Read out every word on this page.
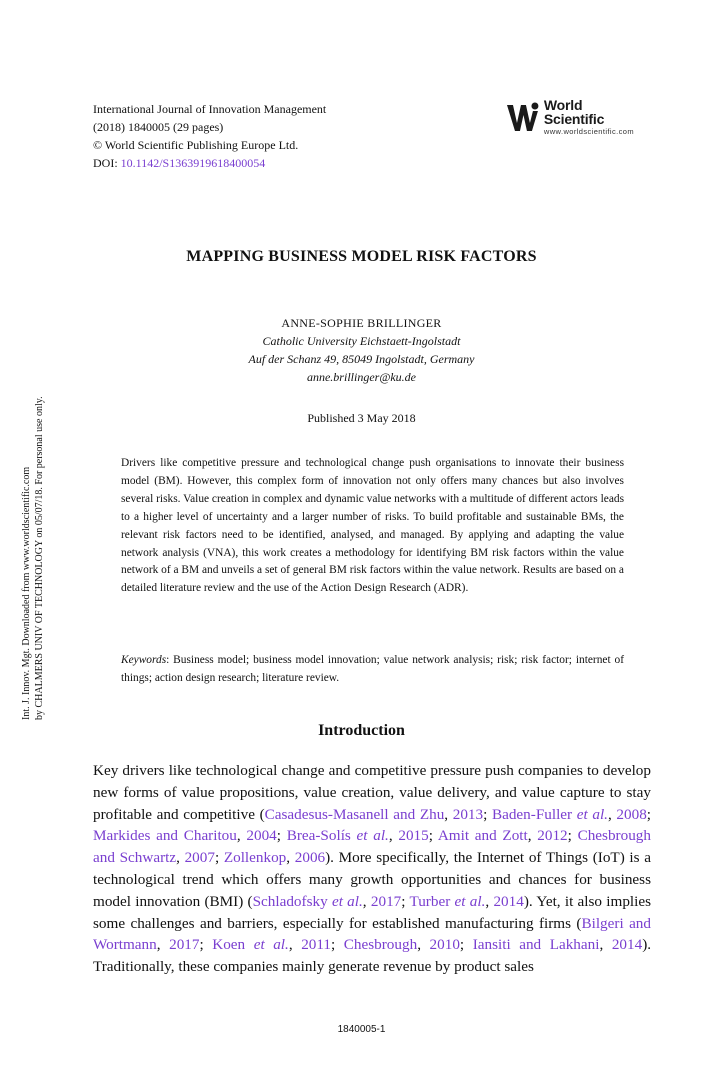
International Journal of Innovation Management
(2018) 1840005 (29 pages)
© World Scientific Publishing Europe Ltd.
DOI: 10.1142/S1363919618400054
World Scientific
www.worldscientific.com
Int. J. Innov. Mgt. Downloaded from www.worldscientific.com by CHALMERS UNIV OF TECHNOLOGY on 05/07/18. For personal use only.
MAPPING BUSINESS MODEL RISK FACTORS
ANNE-SOPHIE BRILLINGER
Catholic University Eichstaett-Ingolstadt
Auf der Schanz 49, 85049 Ingolstadt, Germany
anne.brillinger@ku.de
Published 3 May 2018
Drivers like competitive pressure and technological change push organisations to innovate their business model (BM). However, this complex form of innovation not only offers many chances but also involves several risks. Value creation in complex and dynamic value networks with a multitude of different actors leads to a higher level of uncertainty and a larger number of risks. To build profitable and sustainable BMs, the relevant risk factors need to be identified, analysed, and managed. By applying and adapting the value network analysis (VNA), this work creates a methodology for identifying BM risk factors within the value network of a BM and unveils a set of general BM risk factors within the value network. Results are based on a detailed literature review and the use of the Action Design Research (ADR).
Keywords: Business model; business model innovation; value network analysis; risk; risk factor; internet of things; action design research; literature review.
Introduction
Key drivers like technological change and competitive pressure push companies to develop new forms of value propositions, value creation, value delivery, and value capture to stay profitable and competitive (Casadesus-Masanell and Zhu, 2013; Baden-Fuller et al., 2008; Markides and Charitou, 2004; Brea-Solís et al., 2015; Amit and Zott, 2012; Chesbrough and Schwartz, 2007; Zollenkop, 2006). More specifically, the Internet of Things (IoT) is a technological trend which offers many growth opportunities and chances for business model innovation (BMI) (Schladofsky et al., 2017; Turber et al., 2014). Yet, it also implies some challenges and barriers, especially for established manufacturing firms (Bilgeri and Wortmann, 2017; Koen et al., 2011; Chesbrough, 2010; Iansiti and Lakhani, 2014). Traditionally, these companies mainly generate revenue by product sales
1840005-1
